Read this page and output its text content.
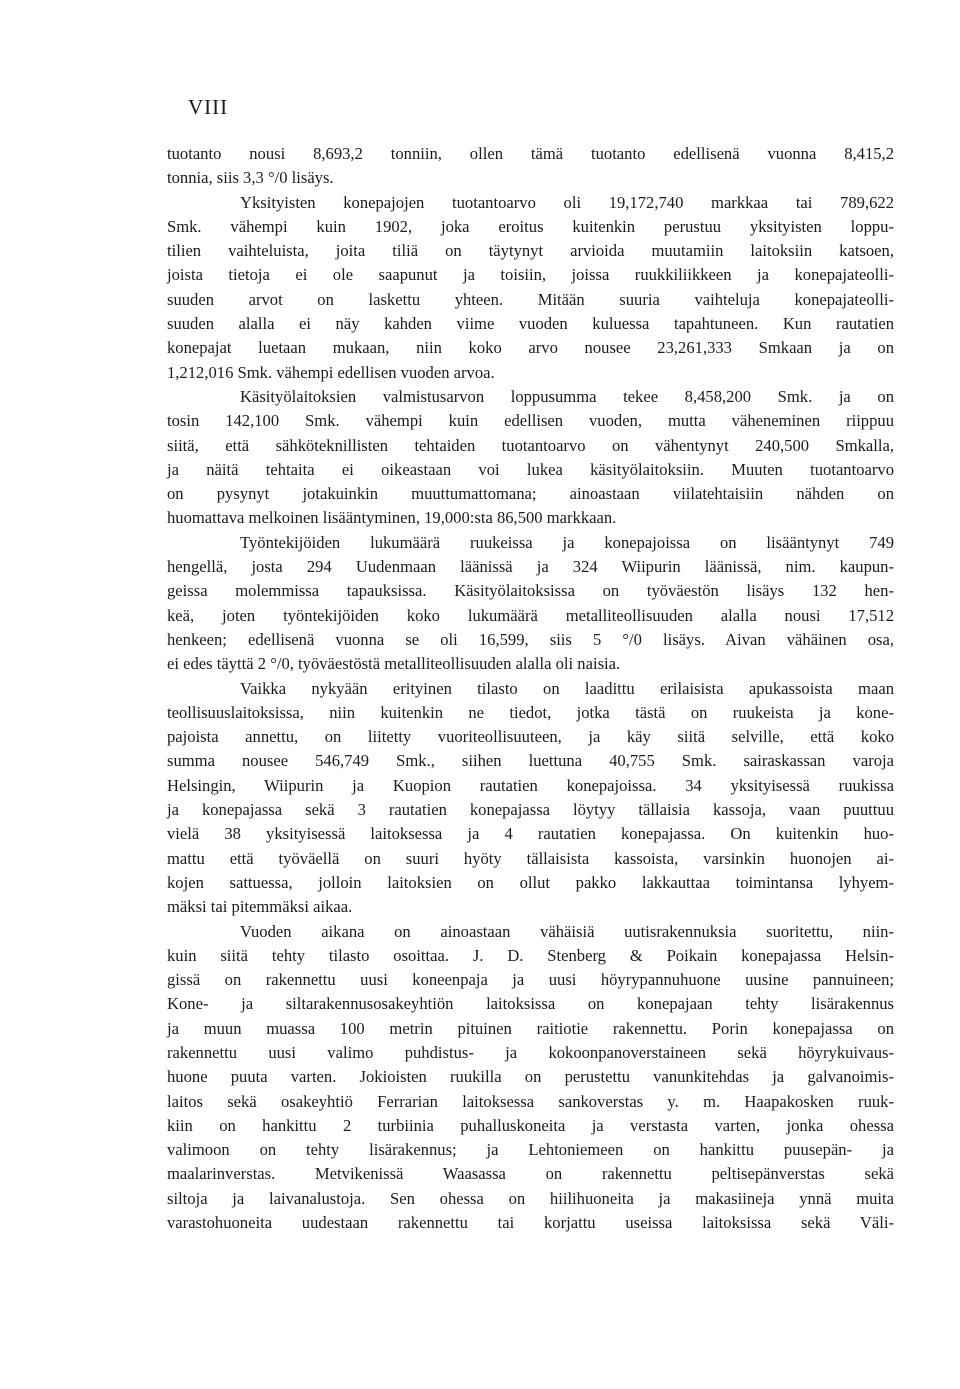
VIII
tuotanto nousi 8,693,2 tonniin, ollen tämä tuotanto edellisenä vuonna 8,415,2
tonnia, siis 3,3 °/0 lisäys.
Yksityisten konepajojen tuotantoarvo oli 19,172,740 markkaa tai 789,622
Smk. vähempi kuin 1902, joka eroitus kuitenkin perustuu yksityisten loppu-
tilien vaihteluista, joita tiliä on täytynyt arvioida muutamiin laitoksiin katsoen,
joista tietoja ei ole saapunut ja toisiin, joissa ruukkiliikkeen ja konepajateolli-
suuden arvot on laskettu yhteen. Mitään suuria vaihteluja konepajateolli-
suuden alalla ei näy kahden viime vuoden kuluessa tapahtuneen. Kun rautatien
konepajat luetaan mukaan, niin koko arvo nousee 23,261,333 Smkaan ja on
1,212,016 Smk. vähempi edellisen vuoden arvoa.
Käsityölaitoksien valmistusarvon loppusumma tekee 8,458,200 Smk. ja on
tosin 142,100 Smk. vähempi kuin edellisen vuoden, mutta väheneminen riippuu
siitä, että sähköteknillisten tehtaiden tuotantoarvo on vähentynyt 240,500 Smkalla,
ja näitä tehtaita ei oikeastaan voi lukea käsityölaitoksiin. Muuten tuotantoarvo
on pysynyt jotakuinkin muuttumattomana; ainoastaan viilatehtaisiin nähden on
huomattava melkoinen lisääntyminen, 19,000:sta 86,500 markkaan.
Työntekijöiden lukumäärä ruukeissa ja konepajoissa on lisääntynyt 749
hengellä, josta 294 Uudenmaan läänissä ja 324 Wiipurin läänissä, nim. kaupun-
geissa molemmissa tapauksissa. Käsityölaitoksissa on työväestön lisäys 132 hen-
keä, joten työntekijöiden koko lukumäärä metalliteollisuuden alalla nousi 17,512
henkeen; edellisenä vuonna se oli 16,599, siis 5 °/0 lisäys. Aivan vähäinen osa,
ei edes täyttä 2 °/0, työväestöstä metalliteollisuuden alalla oli naisia.
Vaikka nykyään erityinen tilasto on laadittu erilaisista apukassoista maan
teollisuuslaitoksissa, niin kuitenkin ne tiedot, jotka tästä on ruukeista ja kone-
pajoista annettu, on liitetty vuoriteollisuuteen, ja käy siitä selville, että koko
summa nousee 546,749 Smk., siihen luettuna 40,755 Smk. sairaskassan varoja
Helsingin, Wiipurin ja Kuopion rautatien konepajoissa. 34 yksityisessä ruukissa
ja konepajassa sekä 3 rautatien konepajassa löytyy tällaisia kassoja, vaan puuttuu
vielä 38 yksityisessä laitoksessa ja 4 rautatien konepajassa. On kuitenkin huo-
mattu että työväellä on suuri hyöty tällaisista kassoista, varsinkin huonojen ai-
kojen sattuessa, jolloin laitoksien on ollut pakko lakkauttaa toimintansa lyhyem-
mäksi tai pitemmäksi aikaa.
Vuoden aikana on ainoastaan vähäisiä uutisrakennuksia suoritettu, niin-
kuin siitä tehty tilasto osoittaa. J. D. Stenberg & Poikain konepajassa Helsin-
gissä on rakennettu uusi koneenpaja ja uusi höyrypannuhuone uusine pannuineen;
Kone- ja siltarakennusosakeyhtiön laitoksissa on konepajaan tehty lisärakennus
ja muun muassa 100 metrin pituinen raitiotie rakennettu. Porin konepajassa on
rakennettu uusi valimo puhdistus- ja kokoonpanoverstaineen sekä höyrykuivaus-
huone puuta varten. Jokioisten ruukilla on perustettu vanunkitehdas ja galvanoimis-
laitos sekä osakeyhtiö Ferrarian laitoksessa sankoverstas y. m. Haapakosken ruuk-
kiin on hankittu 2 turbiinia puhalluskoneita ja verstasta varten, jonka ohessa
valimoon on tehty lisärakennus; ja Lehtoniemeen on hankittu puusepän- ja
maalarinverstas. Metvikenissä Waasassa on rakennettu peltisepänverstas sekä
siltoja ja laivanalustoja. Sen ohessa on hiilihuoneita ja makasiineja ynnä muita
varastohuoneita uudestaan rakennettu tai korjattu useissa laitoksissa sekä Väli-
